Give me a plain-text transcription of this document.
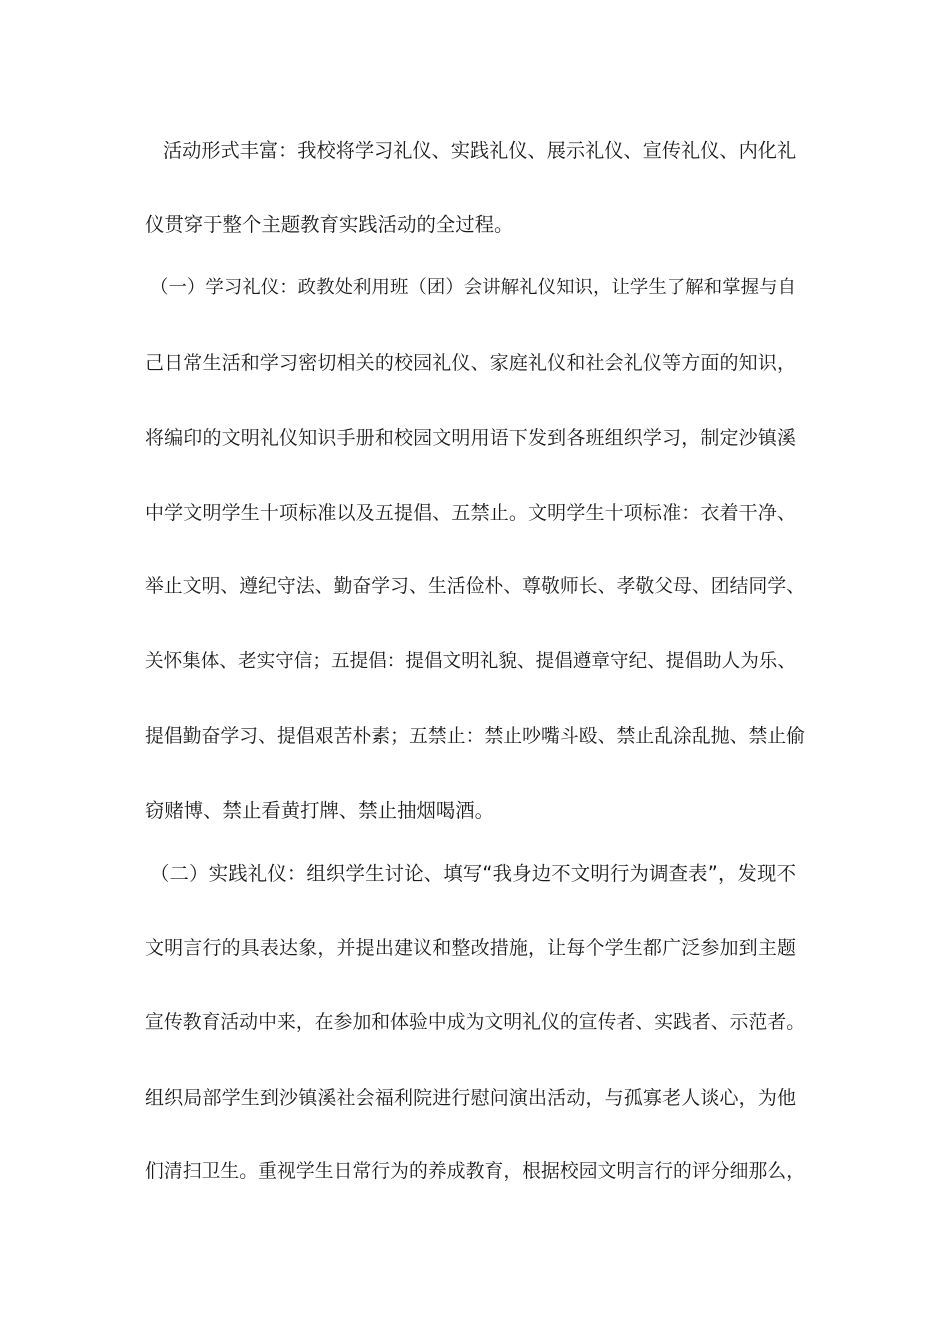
活动形式丰富：我校将学习礼仪、实践礼仪、展示礼仪、宣传礼仪、内化礼

仪贯穿于整个主题教育实践活动的全过程。

（一）学习礼仪：政教处利用班（团）会讲解礼仪知识，让学生了解和掌握与自

己日常生活和学习密切相关的校园礼仪、家庭礼仪和社会礼仪等方面的知识，

将编印的文明礼仪知识手册和校园文明用语下发到各班组织学习，制定沙镇溪

中学文明学生十项标准以及五提倡、五禁止。文明学生十项标准：衣着干净、

举止文明、遵纪守法、勤奋学习、生活俭朴、尊敬师长、孝敬父母、团结同学、

关怀集体、老实守信；五提倡：提倡文明礼貌、提倡遵章守纪、提倡助人为乐、

提倡勤奋学习、提倡艰苦朴素；五禁止：禁止吵嘴斗殴、禁止乱涂乱抛、禁止偷

窃赌博、禁止看黄打牌、禁止抽烟喝酒。

（二）实践礼仪：组织学生讨论、填写“我身边不文明行为调查表”，发现不

文明言行的具表达象，并提出建议和整改措施，让每个学生都广泛参加到主题

宣传教育活动中来，在参加和体验中成为文明礼仪的宣传者、实践者、示范者。

组织局部学生到沙镇溪社会福利院进行慰问演出活动，与孤寡老人谈心，为他

们清扫卫生。重视学生日常行为的养成教育，根据校园文明言行的评分细那么，
